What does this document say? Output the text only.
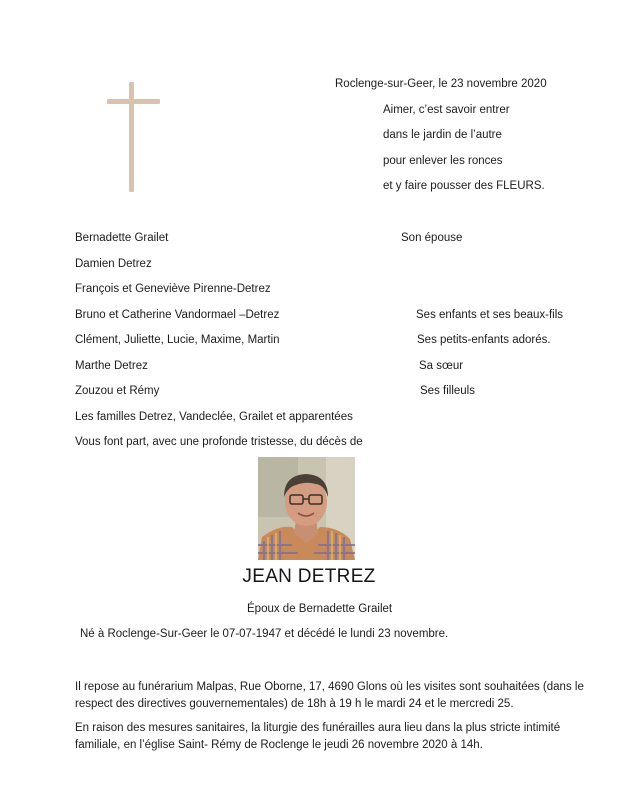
Roclenge-sur-Geer, le 23 novembre 2020
Aimer, c’est savoir entrer
dans le jardin de l’autre
pour enlever les ronces
et y faire pousser des FLEURS.
Bernadette Grailet	Son épouse
Damien Detrez
François et Geneviève Pirenne-Detrez
Bruno et Catherine Vandormael –Detrez	Ses enfants et ses beaux-fils
Clément, Juliette, Lucie, Maxime, Martin	Ses petits-enfants adorés.
Marthe Detrez	Sa sœur
Zouzou et Rémy	Ses filleuls
Les familles Detrez, Vandeclée, Grailet et apparentées
Vous font part, avec une profonde tristesse, du décès de
JEAN DETREZ
Époux de Bernadette Grailet
Né à Roclenge-Sur-Geer le 07-07-1947 et décédé le lundi 23 novembre.
Il repose au funérarium Malpas, Rue Oborne, 17, 4690 Glons où les visites sont souhaitées (dans le respect des directives gouvernementales) de 18h à 19 h le mardi 24 et le mercredi 25.
En raison des mesures sanitaires, la liturgie des funérailles aura lieu dans la plus stricte intimité familiale, en l’église Saint- Rémy de Roclenge le jeudi 26 novembre 2020 à 14h.
